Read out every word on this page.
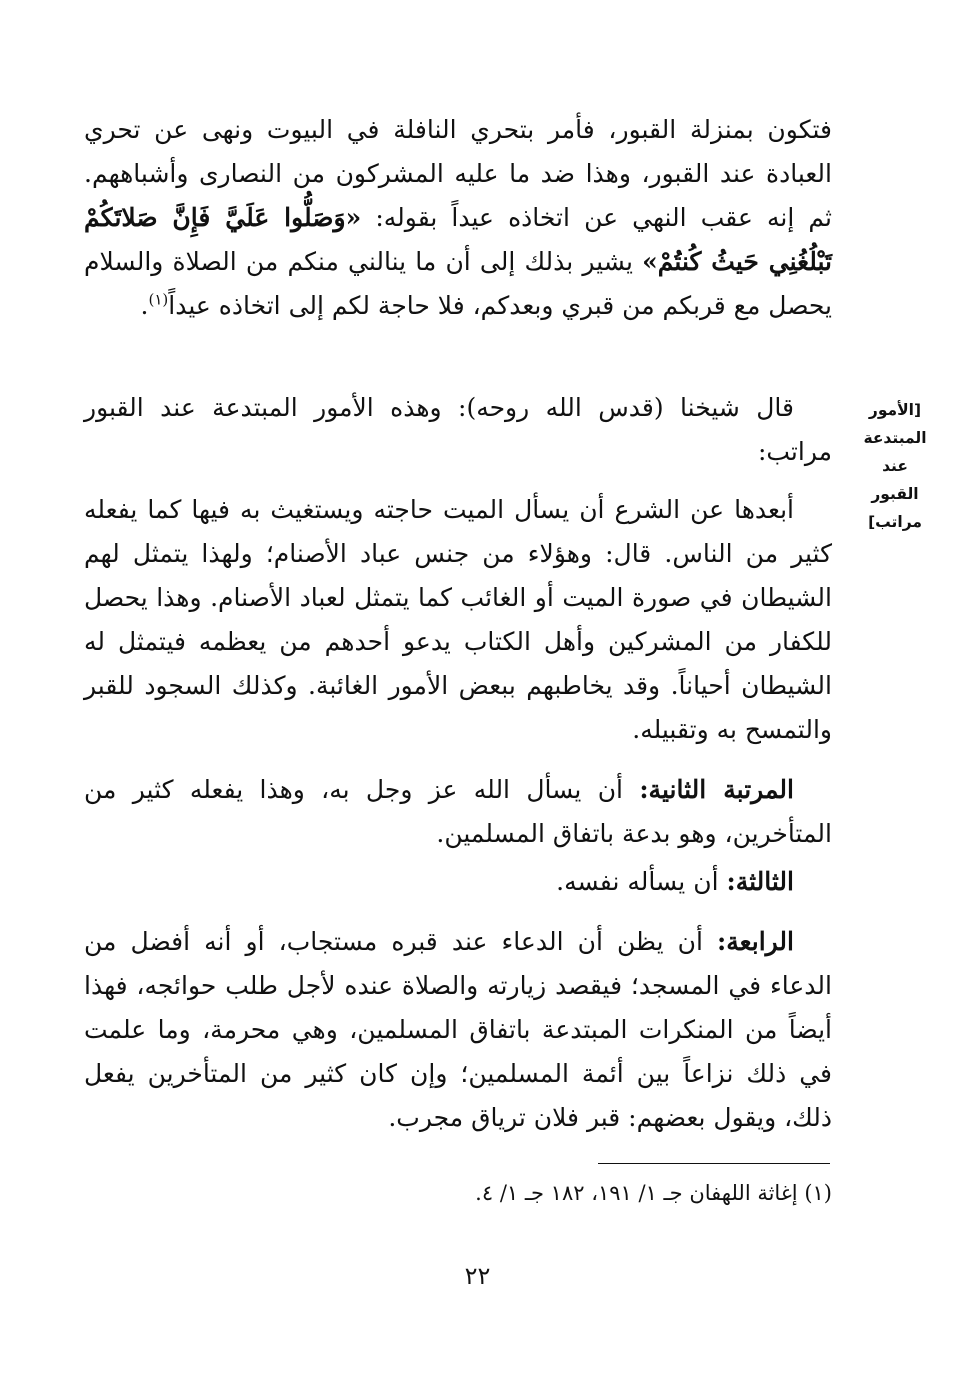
فتكون بمنزلة القبور، فأمر بتحري النافلة في البيوت ونهى عن تحري العبادة عند القبور، وهذا ضد ما عليه المشركون من النصارى وأشباههم. ثم إنه عقب النهي عن اتخاذه عيداً بقوله: «وَصَلُّوا عَلَيَّ فَإِنَّ صَلاتَكُمْ تَبْلُغُنِي حَيثُ كُنتُمْ» يشير بذلك إلى أن ما ينالني منكم من الصلاة والسلام يحصل مع قربكم من قبري وبعدكم، فلا حاجة لكم إلى اتخاذه عيداً$^{(١)}$.

قال شيخنا (قدس الله روحه): وهذه الأمور المبتدعة عند القبور مراتب:

[الأمور
المبتدعة
عند
القبور
مراتب]

أبعدها عن الشرع أن يسأل الميت حاجته ويستغيث به فيها كما يفعله كثير من الناس. قال: وهؤلاء من جنس عباد الأصنام؛ ولهذا يتمثل لهم الشيطان في صورة الميت أو الغائب كما يتمثل لعباد الأصنام. وهذا يحصل للكفار من المشركين وأهل الكتاب يدعو أحدهم من يعظمه فيتمثل له الشيطان أحياناً. وقد يخاطبهم ببعض الأمور الغائبة. وكذلك السجود للقبر والتمسح به وتقبيله.

المرتبة الثانية: أن يسأل الله عز وجل به، وهذا يفعله كثير من المتأخرين، وهو بدعة باتفاق المسلمين.

الثالثة: أن يسأله نفسه.

الرابعة: أن يظن أن الدعاء عند قبره مستجاب، أو أنه أفضل من الدعاء في المسجد؛ فيقصد زيارته والصلاة عنده لأجل طلب حوائجه، فهذا أيضاً من المنكرات المبتدعة باتفاق المسلمين، وهي محرمة، وما علمت في ذلك نزاعاً بين أئمة المسلمين؛ وإن كان كثير من المتأخرين يفعل ذلك، ويقول بعضهم: قبر فلان ترياق مجرب.

(١) إغاثة اللهفان جـ ١/ ١٩١، ١٨٢ جـ ١/ ٤.
٢٢
